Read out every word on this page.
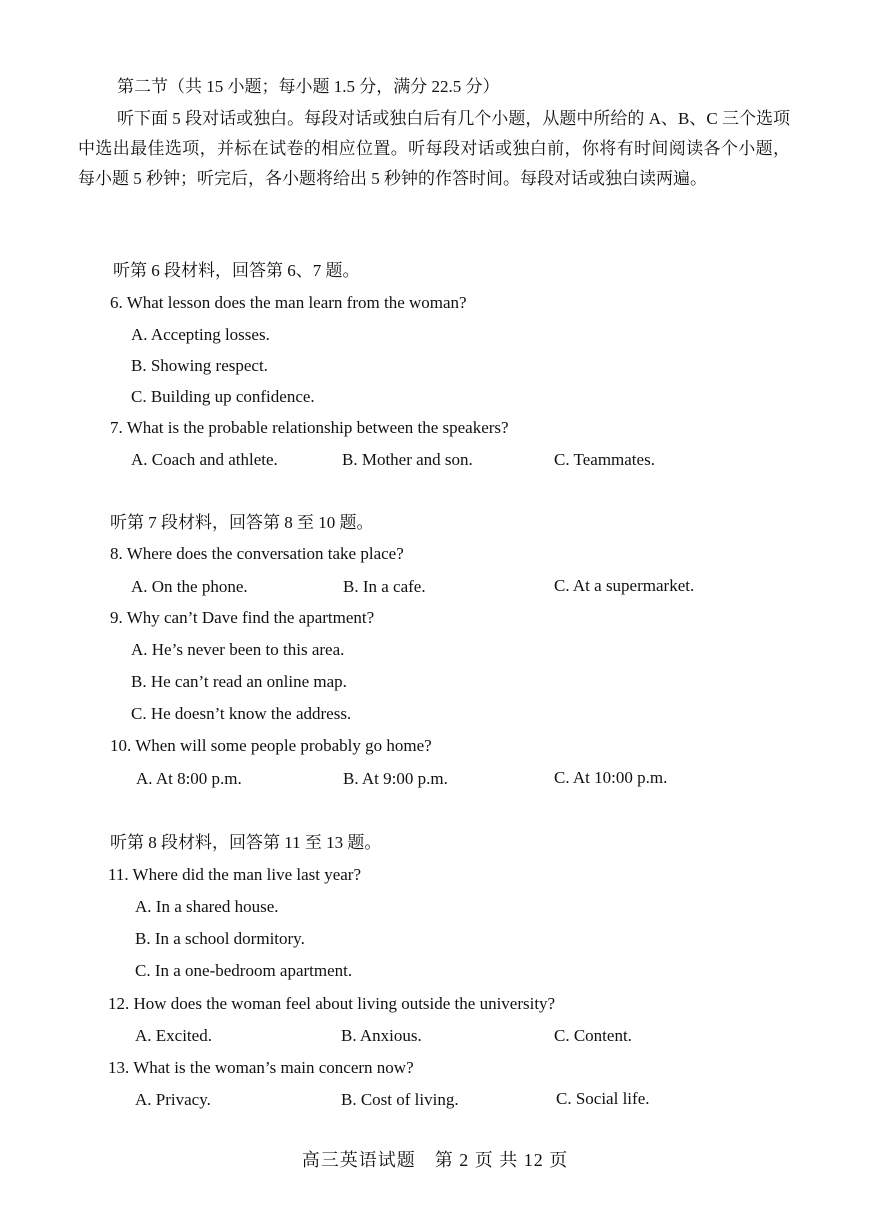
第二节（共 15 小题；每小题 1.5 分，满分 22.5 分）
听下面 5 段对话或独白。每段对话或独白后有几个小题，从题中所给的 A、B、C 三个选项中选出最佳选项，并标在试卷的相应位置。听每段对话或独白前，你将有时间阅读各个小题，每小题 5 秒钟；听完后，各小题将给出 5 秒钟的作答时间。每段对话或独白读两遍。
听第 6 段材料，回答第 6、7 题。
6. What lesson does the man learn from the woman?
A. Accepting losses.
B. Showing respect.
C. Building up confidence.
7. What is the probable relationship between the speakers?
A. Coach and athlete.	B. Mother and son.	C. Teammates.
听第 7 段材料，回答第 8 至 10 题。
8. Where does the conversation take place?
A. On the phone.	B. In a cafe.	C. At a supermarket.
9. Why can’t Dave find the apartment?
A. He’s never been to this area.
B. He can’t read an online map.
C. He doesn’t know the address.
10. When will some people probably go home?
A. At 8:00 p.m.	B. At 9:00 p.m.	C. At 10:00 p.m.
听第 8 段材料，回答第 11 至 13 题。
11. Where did the man live last year?
A. In a shared house.
B. In a school dormitory.
C. In a one-bedroom apartment.
12. How does the woman feel about living outside the university?
A. Excited.	B. Anxious.	C. Content.
13. What is the woman’s main concern now?
A. Privacy.	B. Cost of living.	C. Social life.
高三英语试题　第 2 页 共 12 页
